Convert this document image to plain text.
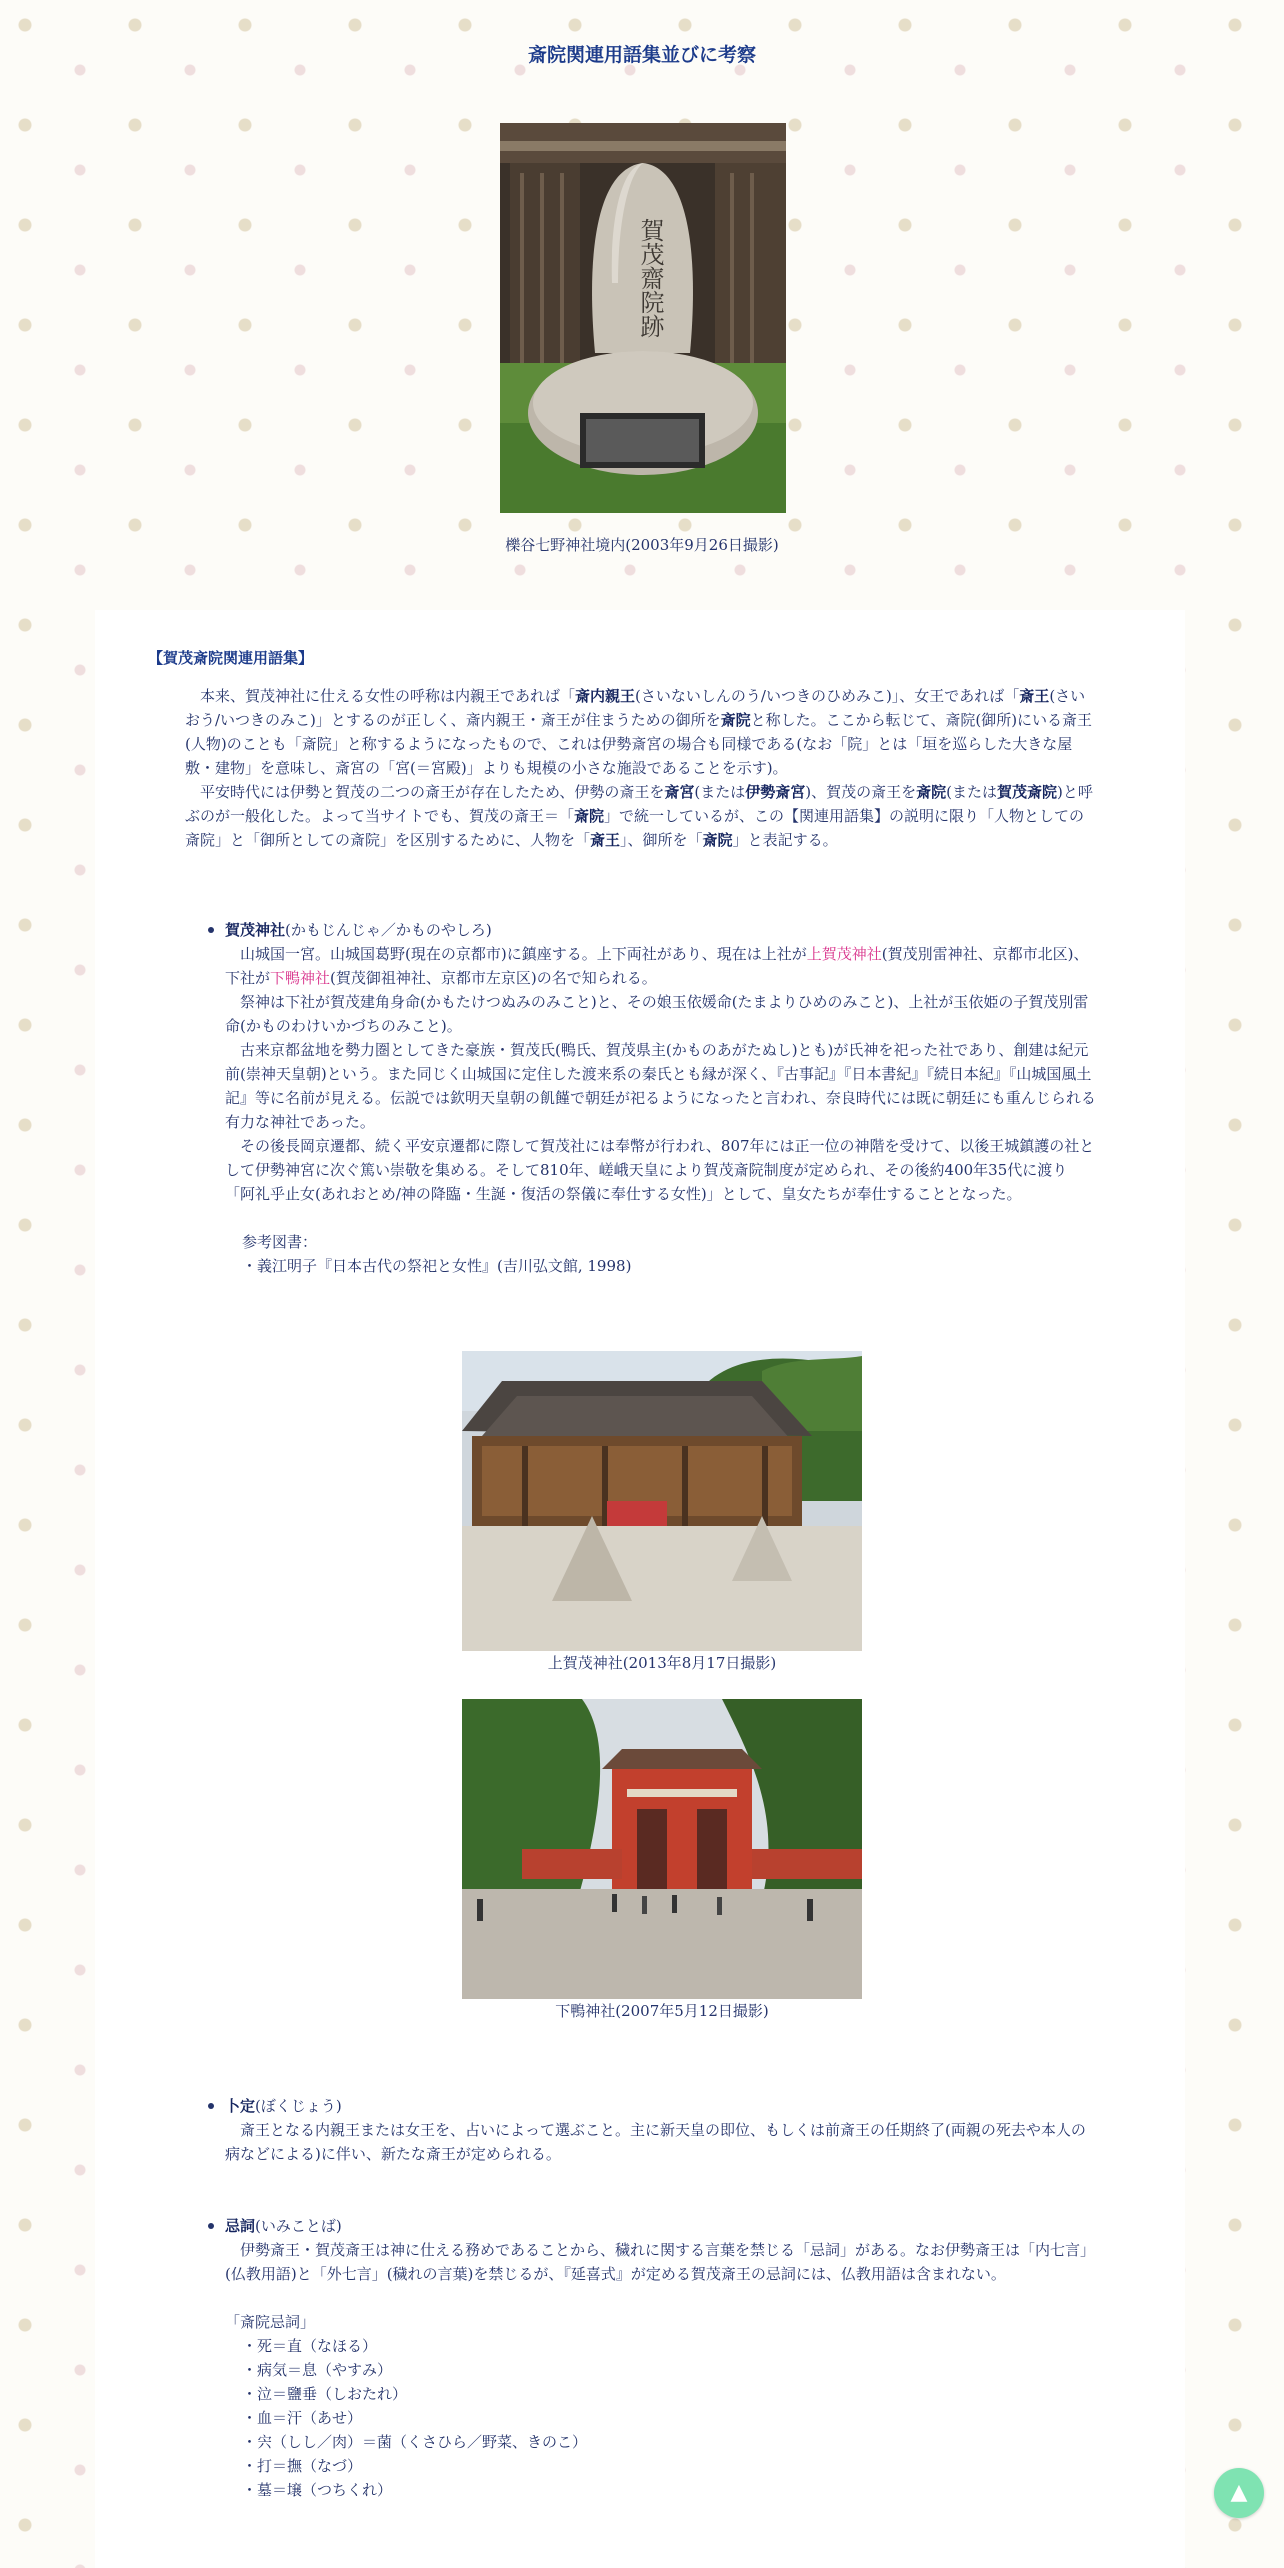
斎院関連用語集並びに考察
賀茂齋院跡
櫟谷七野神社境内(2003年9月26日撮影)
【賀茂斎院関連用語集】

本来、賀茂神社に仕える女性の呼称は内親王であれば「斎内親王(さいないしんのう/いつきのひめみこ)」、女王であれば「斎王(さいおう/いつきのみこ)」とするのが正しく、斎内親王・斎王が住まうための御所を斎院と称した。ここから転じて、斎院(御所)にいる斎王(人物)のことも「斎院」と称するようになったもので、これは伊勢斎宮の場合も同様である(なお「院」とは「垣を巡らした大きな屋敷・建物」を意味し、斎宮の「宮(＝宮殿)」よりも規模の小さな施設であることを示す)。

平安時代には伊勢と賀茂の二つの斎王が存在したため、伊勢の斎王を斎宮(または伊勢斎宮)、賀茂の斎王を斎院(または賀茂斎院)と呼ぶのが一般化した。よって当サイトでも、賀茂の斎王＝「斎院」で統一しているが、この【関連用語集】の説明に限り「人物としての斎院」と「御所としての斎院」を区別するために、人物を「斎王」、御所を「斎院」と表記する。

賀茂神社(かもじんじゃ／かものやしろ)

山城国一宮。山城国葛野(現在の京都市)に鎮座する。上下両社があり、現在は上社が上賀茂神社(賀茂別雷神社、京都市北区)、下社が下鴨神社(賀茂御祖神社、京都市左京区)の名で知られる。

祭神は下社が賀茂建角身命(かもたけつぬみのみこと)と、その娘玉依媛命(たまよりひめのみこと)、上社が玉依姫の子賀茂別雷命(かものわけいかづちのみこと)。

古来京都盆地を勢力圏としてきた豪族・賀茂氏(鴨氏、賀茂県主(かものあがたぬし)とも)が氏神を祀った社であり、創建は紀元前(崇神天皇朝)という。また同じく山城国に定住した渡来系の秦氏とも縁が深く、『古事記』『日本書紀』『続日本紀』『山城国風土記』等に名前が見える。伝説では欽明天皇朝の飢饉で朝廷が祀るようになったと言われ、奈良時代には既に朝廷にも重んじられる有力な神社であった。

その後長岡京遷都、続く平安京遷都に際して賀茂社には奉幣が行われ、807年には正一位の神階を受けて、以後王城鎮護の社として伊勢神宮に次ぐ篤い崇敬を集める。そして810年、嵯峨天皇により賀茂斎院制度が定められ、その後約400年35代に渡り「阿礼乎止女(あれおとめ/神の降臨・生誕・復活の祭儀に奉仕する女性)」として、皇女たちが奉仕することとなった。

参考図書：
・義江明子『日本古代の祭祀と女性』(吉川弘文館, 1998)
上賀茂神社(2013年8月17日撮影)
下鴨神社(2007年5月12日撮影)
卜定(ぼくじょう)

斎王となる内親王または女王を、占いによって選ぶこと。主に新天皇の即位、もしくは前斎王の任期終了(両親の死去や本人の病などによる)に伴い、新たな斎王が定められる。

忌詞(いみことば)

伊勢斎王・賀茂斎王は神に仕える務めであることから、穢れに関する言葉を禁じる「忌詞」がある。なお伊勢斎王は「内七言」(仏教用語)と「外七言」(穢れの言葉)を禁じるが、『延喜式』が定める賀茂斎王の忌詞には、仏教用語は含まれない。

「斎院忌詞」
・死＝直（なほる）
・病気＝息（やすみ）
・泣＝鹽垂（しおたれ）
・血＝汗（あせ）
・宍（しし／肉）＝菌（くさひら／野菜、きのこ）
・打＝撫（なづ）
・墓＝壌（つちくれ）	▲
